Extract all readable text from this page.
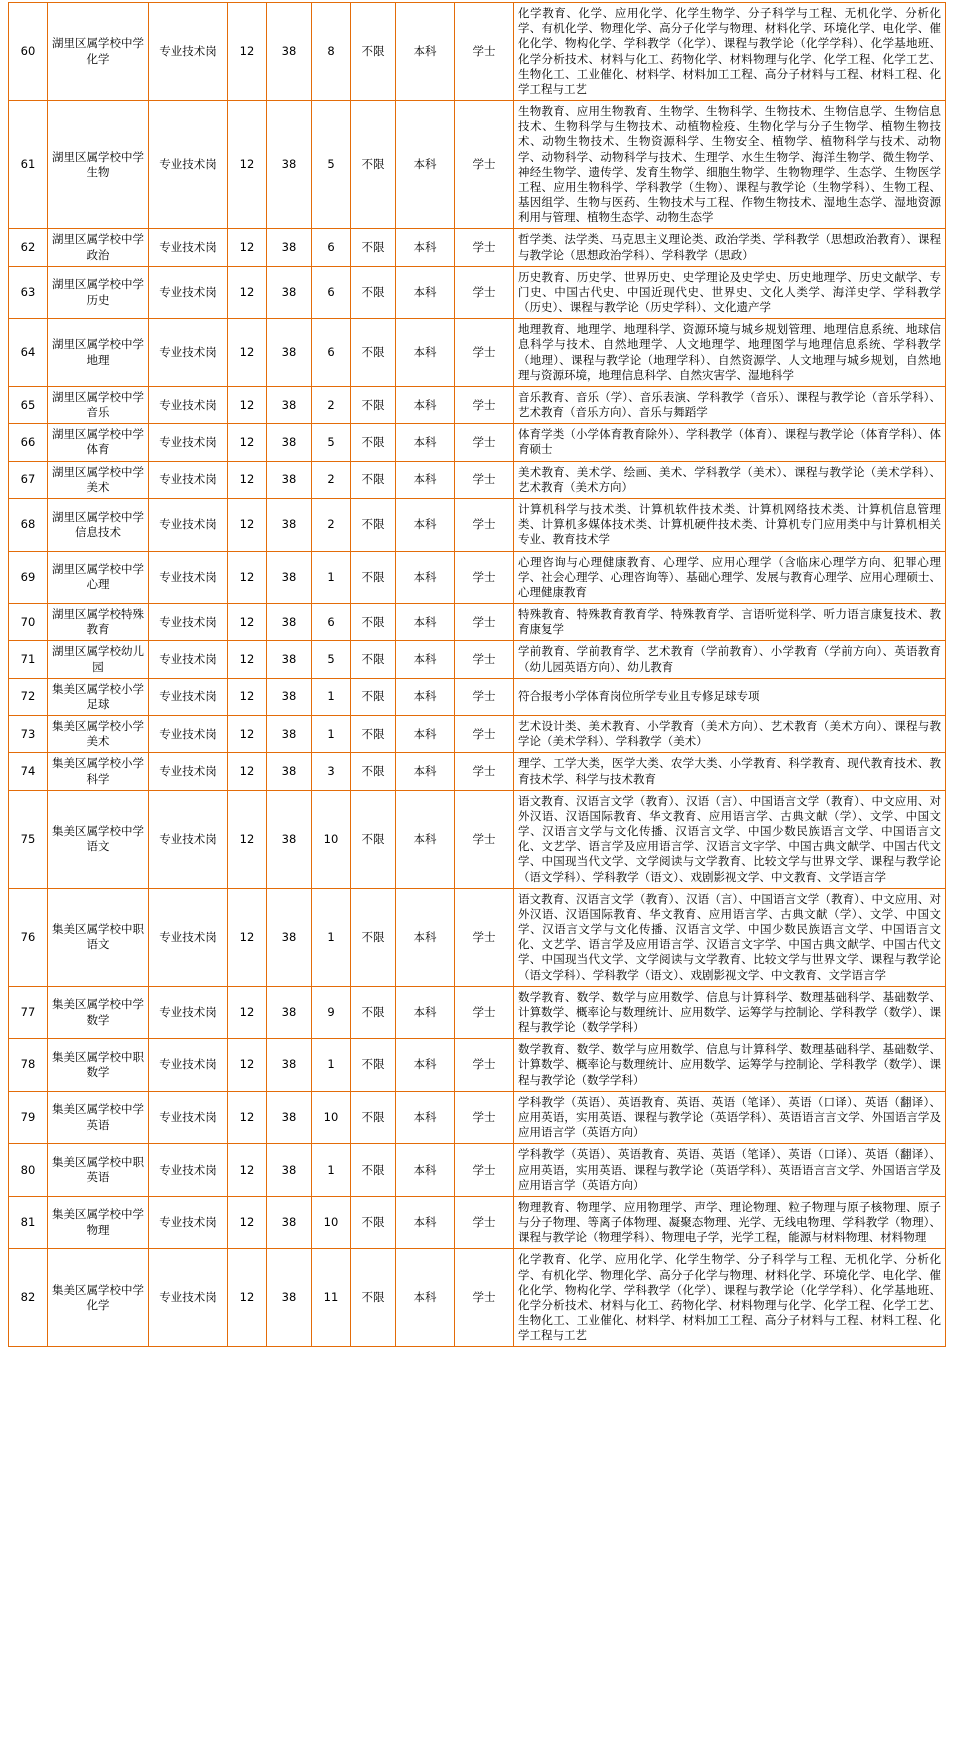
60	湖里区属学校中学化学	专业技术岗	12	38	8	不限	本科	学士	化学教育、化学、应用化学、化学生物学、分子科学与工程、无机化学、分析化学、有机化学、物理化学、高分子化学与物理、材料化学、环境化学、电化学、催化化学、物构化学、学科教学（化学）、课程与教学论（化学学科）、化学基地班、化学分析技术、材料与化工、药物化学、材料物理与化学、化学工程、化学工艺、生物化工、工业催化、材料学、材料加工工程、高分子材料与工程、材料工程、化学工程与工艺

61	湖里区属学校中学生物	专业技术岗	12	38	5	不限	本科	学士	生物教育、应用生物教育、生物学、生物科学、生物技术、生物信息学、生物信息技术、生物科学与生物技术、动植物检疫、生物化学与分子生物学、植物生物技术、动物生物技术、生物资源科学、生物安全、植物学、植物科学与技术、动物学、动物科学、动物科学与技术、生理学、水生生物学、海洋生物学、微生物学、神经生物学、遗传学、发育生物学、细胞生物学、生物物理学、生态学、生物医学工程、应用生物科学、学科教学（生物）、课程与教学论（生物学科）、生物工程、基因组学、生物与医药、生物技术与工程、作物生物技术、湿地生态学、湿地资源利用与管理、植物生态学、动物生态学

62	湖里区属学校中学政治	专业技术岗	12	38	6	不限	本科	学士	哲学类、法学类、马克思主义理论类、政治学类、学科教学（思想政治教育）、课程与教学论（思想政治学科）、学科教学（思政）

63	湖里区属学校中学历史	专业技术岗	12	38	6	不限	本科	学士	历史教育、历史学、世界历史、史学理论及史学史、历史地理学、历史文献学、专门史、中国古代史、中国近现代史、世界史、文化人类学、海洋史学、学科教学（历史）、课程与教学论（历史学科）、文化遗产学

64	湖里区属学校中学地理	专业技术岗	12	38	6	不限	本科	学士	地理教育、地理学、地理科学、资源环境与城乡规划管理、地理信息系统、地球信息科学与技术、自然地理学、人文地理学、地理图学与地理信息系统、学科教学（地理）、课程与教学论（地理学科）、自然资源学、人文地理与城乡规划，自然地理与资源环境，地理信息科学、自然灾害学、湿地科学

65	湖里区属学校中学音乐	专业技术岗	12	38	2	不限	本科	学士	音乐教育、音乐（学）、音乐表演、学科教学（音乐）、课程与教学论（音乐学科）、艺术教育（音乐方向）、音乐与舞蹈学

66	湖里区属学校中学体育	专业技术岗	12	38	5	不限	本科	学士	体育学类（小学体育教育除外）、学科教学（体育）、课程与教学论（体育学科）、体育硕士

67	湖里区属学校中学美术	专业技术岗	12	38	2	不限	本科	学士	美术教育、美术学、绘画、美术、学科教学（美术）、课程与教学论（美术学科）、艺术教育（美术方向）

68	湖里区属学校中学信息技术	专业技术岗	12	38	2	不限	本科	学士	计算机科学与技术类、计算机软件技术类、计算机网络技术类、计算机信息管理类、计算机多媒体技术类、计算机硬件技术类、计算机专门应用类中与计算机相关专业、教育技术学

69	湖里区属学校中学心理	专业技术岗	12	38	1	不限	本科	学士	心理咨询与心理健康教育、心理学、应用心理学（含临床心理学方向、犯罪心理学、社会心理学、心理咨询等）、基础心理学、发展与教育心理学、应用心理硕士、心理健康教育

70	湖里区属学校特殊教育	专业技术岗	12	38	6	不限	本科	学士	特殊教育、特殊教育教育学、特殊教育学、言语听觉科学、听力语言康复技术、教育康复学

71	湖里区属学校幼儿园	专业技术岗	12	38	5	不限	本科	学士	学前教育、学前教育学、艺术教育（学前教育）、小学教育（学前方向）、英语教育（幼儿园英语方向）、幼儿教育

72	集美区属学校小学足球	专业技术岗	12	38	1	不限	本科	学士	符合报考小学体育岗位所学专业且专修足球专项

73	集美区属学校小学美术	专业技术岗	12	38	1	不限	本科	学士	艺术设计类、美术教育、小学教育（美术方向）、艺术教育（美术方向）、课程与教学论（美术学科）、学科教学（美术）

74	集美区属学校小学科学	专业技术岗	12	38	3	不限	本科	学士	理学、工学大类，医学大类、农学大类、小学教育、科学教育、现代教育技术、教育技术学、科学与技术教育

75	集美区属学校中学语文	专业技术岗	12	38	10	不限	本科	学士	语文教育、汉语言文学（教育）、汉语（言）、中国语言文学（教育）、中文应用、对外汉语、汉语国际教育、华文教育、应用语言学、古典文献（学）、文学、中国文学、汉语言文学与文化传播、汉语言文学、中国少数民族语言文学、中国语言文化、文艺学、语言学及应用语言学、汉语言文字学、中国古典文献学、中国古代文学、中国现当代文学、文学阅读与文学教育、比较文学与世界文学、课程与教学论（语文学科）、学科教学（语文）、戏剧影视文学、中文教育、文学语言学

76	集美区属学校中职语文	专业技术岗	12	38	1	不限	本科	学士	语文教育、汉语言文学（教育）、汉语（言）、中国语言文学（教育）、中文应用、对外汉语、汉语国际教育、华文教育、应用语言学、古典文献（学）、文学、中国文学、汉语言文学与文化传播、汉语言文学、中国少数民族语言文学、中国语言文化、文艺学、语言学及应用语言学、汉语言文字学、中国古典文献学、中国古代文学、中国现当代文学、文学阅读与文学教育、比较文学与世界文学、课程与教学论（语文学科）、学科教学（语文）、戏剧影视文学、中文教育、文学语言学

77	集美区属学校中学数学	专业技术岗	12	38	9	不限	本科	学士	数学教育、数学、数学与应用数学、信息与计算科学、数理基础科学、基础数学、计算数学、概率论与数理统计、应用数学、运筹学与控制论、学科教学（数学）、课程与教学论（数学学科）

78	集美区属学校中职数学	专业技术岗	12	38	1	不限	本科	学士	数学教育、数学、数学与应用数学、信息与计算科学、数理基础科学、基础数学、计算数学、概率论与数理统计、应用数学、运筹学与控制论、学科教学（数学）、课程与教学论（数学学科）

79	集美区属学校中学英语	专业技术岗	12	38	10	不限	本科	学士	学科教学（英语）、英语教育、英语、英语（笔译）、英语（口译）、英语（翻译）、应用英语，实用英语、课程与教学论（英语学科）、英语语言言文学、外国语言学及应用语言学（英语方向）

80	集美区属学校中职英语	专业技术岗	12	38	1	不限	本科	学士	学科教学（英语）、英语教育、英语、英语（笔译）、英语（口译）、英语（翻译）、应用英语，实用英语、课程与教学论（英语学科）、英语语言言文学、外国语言学及应用语言学（英语方向）

81	集美区属学校中学物理	专业技术岗	12	38	10	不限	本科	学士	物理教育、物理学、应用物理学、声学、理论物理、粒子物理与原子核物理、原子与分子物理、等离子体物理、凝聚态物理、光学、无线电物理、学科教学（物理）、课程与教学论（物理学科）、物理电子学，光学工程，能源与材料物理、材料物理

82	集美区属学校中学化学	专业技术岗	12	38	11	不限	本科	学士	化学教育、化学、应用化学、化学生物学、分子科学与工程、无机化学、分析化学、有机化学、物理化学、高分子化学与物理、材料化学、环境化学、电化学、催化化学、物构化学、学科教学（化学）、课程与教学论（化学学科）、化学基地班、化学分析技术、材料与化工、药物化学、材料物理与化学、化学工程、化学工艺、生物化工、工业催化、材料学、材料加工工程、高分子材料与工程、材料工程、化学工程与工艺
